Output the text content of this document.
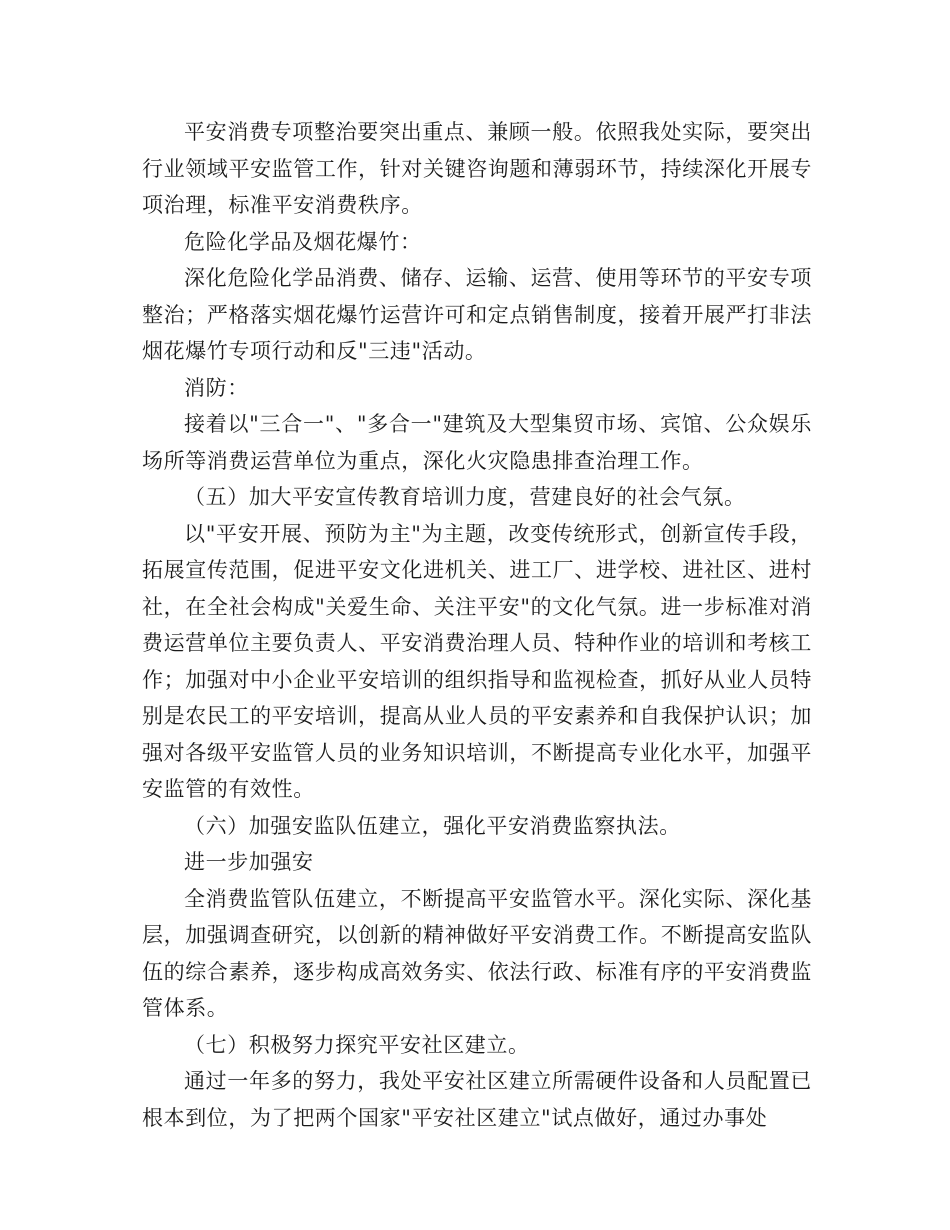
平安消费专项整治要突出重点、兼顾一般。依照我处实际，要突出行业领域平安监管工作，针对关键咨询题和薄弱环节，持续深化开展专项治理，标准平安消费秩序。

危险化学品及烟花爆竹：

深化危险化学品消费、储存、运输、运营、使用等环节的平安专项整治；严格落实烟花爆竹运营许可和定点销售制度，接着开展严打非法烟花爆竹专项行动和反"三违"活动。

消防：

接着以"三合一"、"多合一"建筑及大型集贸市场、宾馆、公众娱乐场所等消费运营单位为重点，深化火灾隐患排查治理工作。

（五）加大平安宣传教育培训力度，营建良好的社会气氛。

以"平安开展、预防为主"为主题，改变传统形式，创新宣传手段，拓展宣传范围，促进平安文化进机关、进工厂、进学校、进社区、进村社，在全社会构成"关爱生命、关注平安"的文化气氛。进一步标准对消费运营单位主要负责人、平安消费治理人员、特种作业的培训和考核工作；加强对中小企业平安培训的组织指导和监视检查，抓好从业人员特别是农民工的平安培训，提高从业人员的平安素养和自我保护认识；加强对各级平安监管人员的业务知识培训，不断提高专业化水平，加强平安监管的有效性。

（六）加强安监队伍建立，强化平安消费监察执法。

进一步加强安

全消费监管队伍建立，不断提高平安监管水平。深化实际、深化基层，加强调查研究，以创新的精神做好平安消费工作。不断提高安监队伍的综合素养，逐步构成高效务实、依法行政、标准有序的平安消费监管体系。

（七）积极努力探究平安社区建立。

通过一年多的努力，我处平安社区建立所需硬件设备和人员配置已根本到位，为了把两个国家"平安社区建立"试点做好，通过办事处
